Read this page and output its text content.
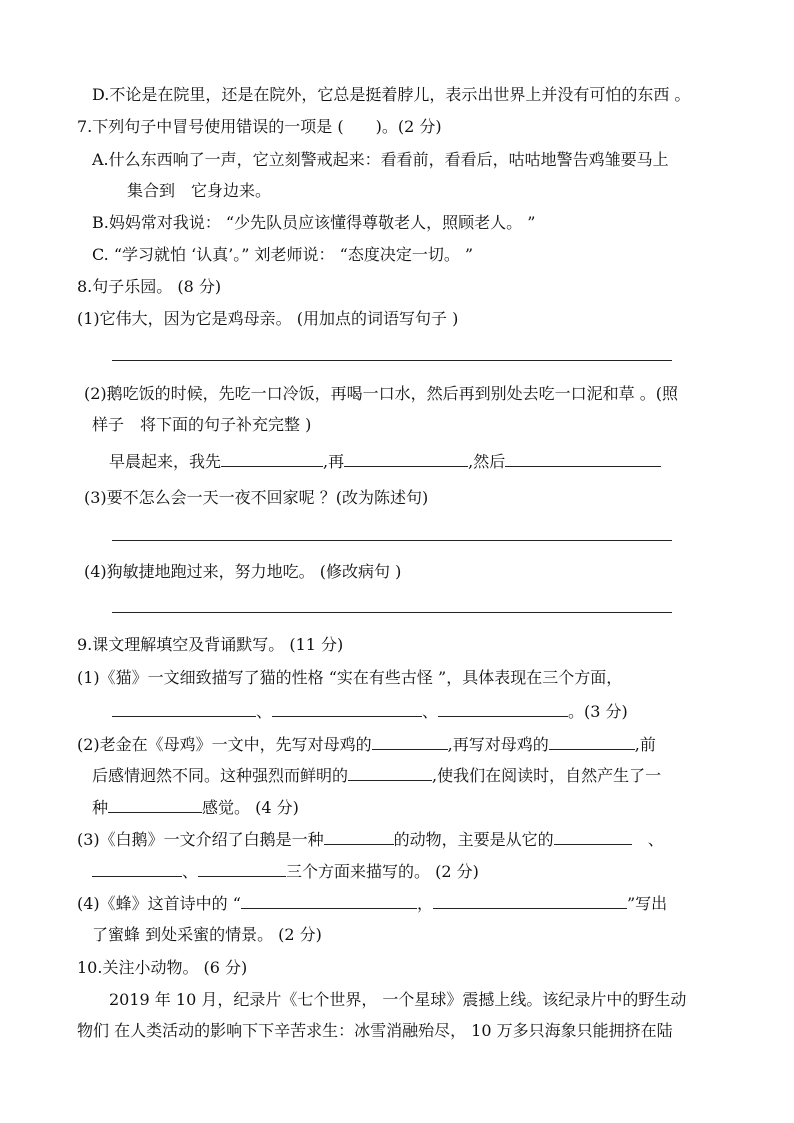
D.不论是在院里，还是在院外，它总是挺着脖儿，表示出世界上并没有可怕的东西 。
7.下列句子中冒号使用错误的一项是 (　　)。(2 分)
A.什么东西响了一声，它立刻警戒起来：看看前，看看后，咕咕地警告鸡雏要马上
集合到　它身边来。
B.妈妈常对我说： “少先队员应该懂得尊敬老人，照顾老人。 ”
C. “学习就怕 ‘认真’。” 刘老师说： “态度决定一切。 ”
8.句子乐园。 (8 分)
(1)它伟大，因为它是鸡母亲。 (用加点的词语写句子 )
(2)鹅吃饭的时候，先吃一口冷饭，再喝一口水，然后再到别处去吃一口泥和草 。(照
样子　将下面的句子补充完整 )
早晨起来，我先	,再	,然后
(3)要不怎么会一天一夜不回家呢 ？(改为陈述句)
(4)狗敏捷地跑过来，努力地吃。 (修改病句 )
9.课文理解填空及背诵默写。 (11 分)
(1)《猫》一文细致描写了猫的性格 “实在有些古怪 ”，具体表现在三个方面，
、	、	。(3 分)
(2)老金在《母鸡》一文中，先写对母鸡的	,再写对母鸡的	,前
后感情迥然不同。这种强烈而鲜明的	,使我们在阅读时，自然产生了一
种	感觉。 (4 分)
(3)《白鹅》一文介绍了白鹅是一种	的动物，主要是从它的	　、
、	三个方面来描写的。 (2 分)
(4)《蜂》这首诗中的 “	，	”写出
了蜜蜂 到处采蜜的情景。 (2 分)
10.关注小动物。 (6 分)
2019 年 10 月，纪录片《七个世界， 一个星球》震撼上线。该纪录片中的野生动
物们 在人类活动的影响下下辛苦求生：冰雪消融殆尽， 10 万多只海象只能拥挤在陆
